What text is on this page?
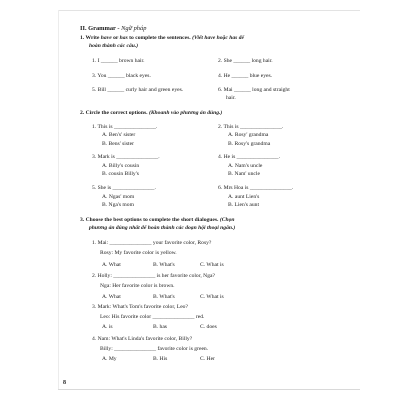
II. Grammar - Ngữ pháp
1. Write have or has to complete the sentences. (Viết have hoặc has để
hoàn thành các câu.)
1. I ______ brown hair.	2. She ______ long hair.
3. You ______ black eyes.	4. He ______ blue eyes.
5. Bill ______ curly hair and green eyes.	6. Mai ______ long and straight
hair.
2. Circle the correct options. (Khoanh vào phương án đúng.)
1. This is _______________.	2. This is _______________.
A. Ben's' sister	A. Rosy' grandma
B. Bens' sister	B. Rosy's grandma
3. Mark is _______________.	4. He is _______________.
A. Billy's cousin	A. Nam's uncle
B. cousin Billy's	B. Nam' uncle
5. She is _______________.	6. Mrs Hoa is _______________.
A. Ngas' mom	A. aunt Lien's
B. Nga's mom	B. Lien's aunt
3. Choose the best options to complete the short dialogues. (Chọn
phương án đúng nhất để hoàn thành các đoạn hội thoại ngắn.)
1. Mai: _______________ your favorite color, Rosy?
Rosy: My favorite color is yellow.
A. What	B. What's	C. What is
2. Holly: _______________ is her favorite color, Nga?
Nga: Her favorite color is brown.
A. What	B. What's	C. What is
3. Mark: What's Tom's favorite color, Leo?
Leo: His favorite color _______________ red.
A. is	B. has	C. does
4. Nam: What's Linda's favorite color, Billy?
Billy: _______________ favorite color is green.
A. My	B. His	C. Her
8
